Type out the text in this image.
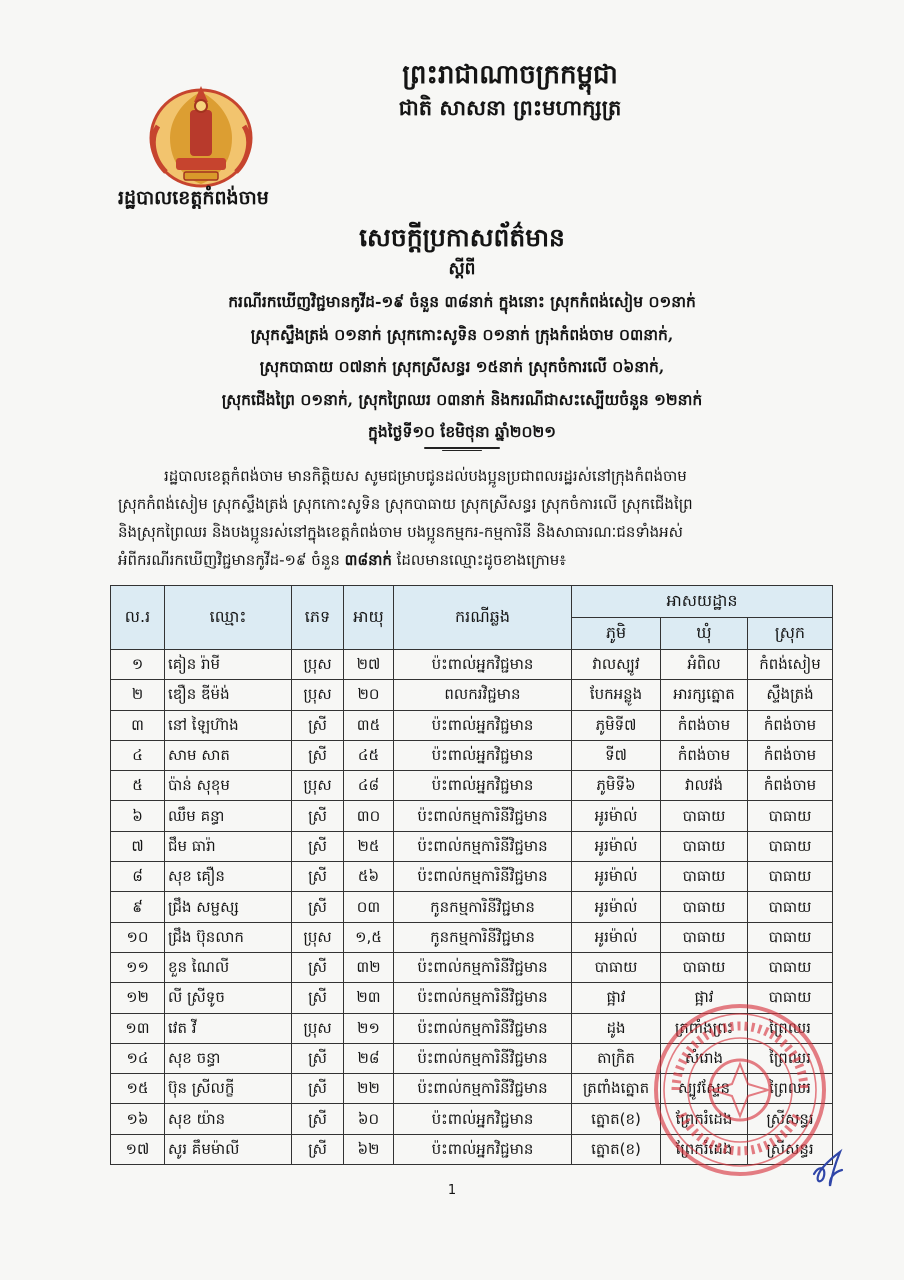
ព្រះរាជាណាចក្រកម្ពុជា
ជាតិ សាសនា ព្រះមហាក្សត្រ
រដ្ឋបាលខេត្តកំពង់ចាម
សេចក្តីប្រកាសព័ត៌មាន
ស្តីពី
ករណីរកឃើញវិជ្ជមានកូវីដ-១៩ ចំនួន ៣៨នាក់ ក្នុងនោះ ស្រុកកំពង់សៀម ០១នាក់
ស្រុកស្ទឹងត្រង់ ០១នាក់ ស្រុកកោះសូទិន ០១នាក់ ក្រុងកំពង់ចាម ០៣នាក់,
ស្រុកបាធាយ ០៧នាក់ ស្រុកស្រីសន្ធរ ១៥នាក់ ស្រុកចំការលើ ០៦នាក់,
ស្រុកជើងព្រៃ ០១នាក់, ស្រុកព្រៃឈរ ០៣នាក់ និងករណីជាសះស្បើយចំនួន ១២នាក់
ក្នុងថ្ងៃទី១០ ខែមិថុនា ឆ្នាំ២០២១

រដ្ឋបាលខេត្តកំពង់ចាម មានកិត្តិយស សូមជម្រាបជូនដល់បងប្អូនប្រជាពលរដ្ឋរស់នៅក្រុងកំពង់ចាម

ស្រុកកំពង់សៀម ស្រុកស្ទឹងត្រង់ ស្រុកកោះសូទិន ស្រុកបាធាយ ស្រុកស្រីសន្ធរ ស្រុកចំការលើ ស្រុកជើងព្រៃ

និងស្រុកព្រៃឈរ និងបងប្អូនរស់នៅក្នុងខេត្តកំពង់ចាម បងប្អូនកម្មករ-កម្មការិនី និងសាធារណៈជនទាំងអស់

អំពីករណីរកឃើញវិជ្ជមានកូវីដ-១៩ ចំនួន ៣៨នាក់ ដែលមានឈ្មោះដូចខាងក្រោម៖

ល.រ	ឈ្មោះ	ភេទ	អាយុ	ករណីឆ្លង	អាសយដ្ឋាន		
					ភូមិ	ឃុំ	ស្រុក
១	គៀន រ៉ាមី	ប្រុស	២៧	ប៉ះពាល់អ្នកវិជ្ជមាន	វាលស្បូវ	អំពិល	កំពង់សៀម
២	ឌឿន ឌីម៉ង់	ប្រុស	២០	ពលករវិជ្ជមាន	បែកអន្លូង	អារក្សត្នោត	ស្ទឹងត្រង់
៣	នៅ ឡៃហ៊ាង	ស្រី	៣៥	ប៉ះពាល់អ្នកវិជ្ជមាន	ភូមិទី៧	កំពង់ចាម	កំពង់ចាម
៤	សាម សាត	ស្រី	៤៥	ប៉ះពាល់អ្នកវិជ្ជមាន	ទី៧	កំពង់ចាម	កំពង់ចាម
៥	ប៉ាន់ សុខុម	ប្រុស	៤៨	ប៉ះពាល់អ្នកវិជ្ជមាន	ភូមិទី៦	វាលវង់	កំពង់ចាម
៦	ឈឹម គន្ធា	ស្រី	៣០	ប៉ះពាល់កម្មការិនីវិជ្ជមាន	អូរម៉ាល់	បាធាយ	បាធាយ
៧	ជឹម ធារ៉ា	ស្រី	២៥	ប៉ះពាល់កម្មការិនីវិជ្ជមាន	អូរម៉ាល់	បាធាយ	បាធាយ
៨	សុខ គឿន	ស្រី	៥៦	ប៉ះពាល់កម្មការិនីវិជ្ជមាន	អូរម៉ាល់	បាធាយ	បាធាយ
៩	ជ្រឹង សម្ផស្ស	ស្រី	០៣	កូនកម្មការិនីវិជ្ជមាន	អូរម៉ាល់	បាធាយ	បាធាយ
១០	ជ្រឹង ប៊ុនលាក	ប្រុស	១,៥	កូនកម្មការិនីវិជ្ជមាន	អូរម៉ាល់	បាធាយ	បាធាយ
១១	ខួន ណៃលី	ស្រី	៣២	ប៉ះពាល់កម្មការិនីវិជ្ជមាន	បាធាយ	បាធាយ	បាធាយ
១២	លី ស្រីទូច	ស្រី	២៣	ប៉ះពាល់កម្មការិនីវិជ្ជមាន	ផ្អាវ	ផ្អាវ	បាធាយ
១៣	វេត វី	ប្រុស	២១	ប៉ះពាល់កម្មការិនីវិជ្ជមាន	ដូង	ត្រពាំងព្រះ	ព្រៃឈរ
១៤	សុខ ចន្ធា	ស្រី	២៨	ប៉ះពាល់កម្មការិនីវិជ្ជមាន	តាក្រិត	សំរោង	ព្រៃឈរ
១៥	ប៊ុន ស្រីលក្ខី	ស្រី	២២	ប៉ះពាល់កម្មការិនីវិជ្ជមាន	ត្រពាំងត្នោត	ស្បូវស្ទែន	ព្រៃឈរ
១៦	សុខ យ៉ាន	ស្រី	៦០	ប៉ះពាល់អ្នកវិជ្ជមាន	ត្នោត(ខ)	ព្រែករំដេង	ស្រីសន្ធរ
១៧	សូរ គឹមម៉ាលី	ស្រី	៦២	ប៉ះពាល់អ្នកវិជ្ជមាន	ត្នោត(ខ)	ព្រែករំដេង	ស្រីសន្ធរ
1
